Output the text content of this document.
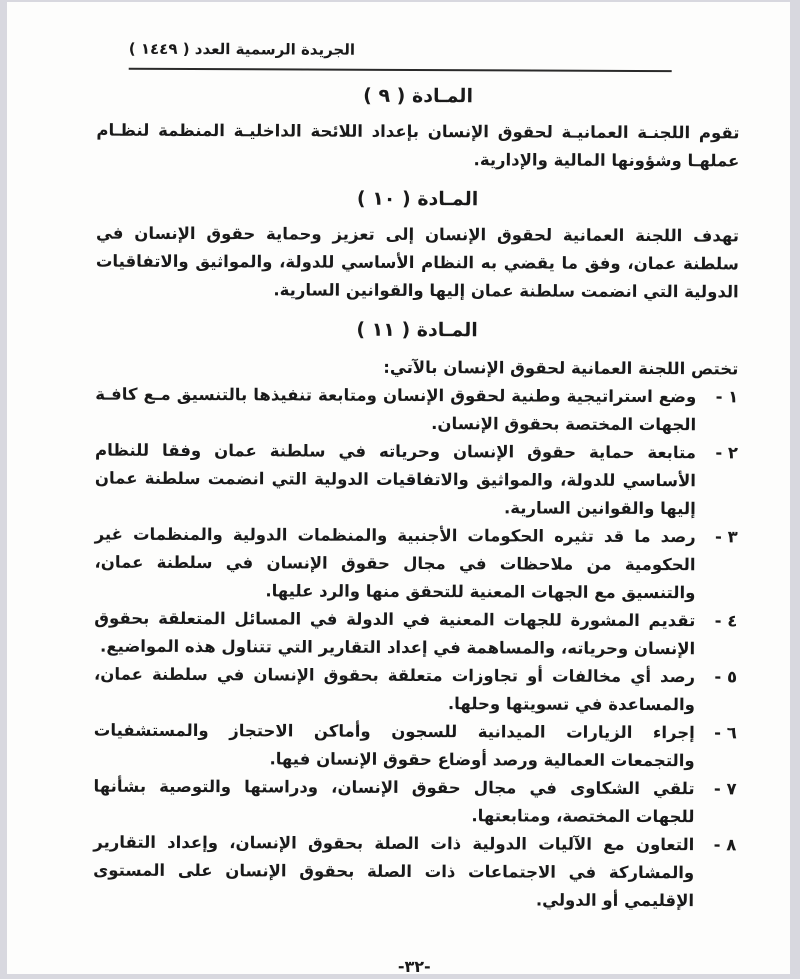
الجريدة الرسمية العدد ( ١٤٤٩ )
المـادة ( ٩ )

تقوم اللجنـة العمانيـة لحقوق الإنسان بإعداد اللائحة الداخليـة المنظمة لنظـام عملهـا وشؤونها المالية والإدارية.

المـادة ( ١٠ )

تهدف اللجنة العمانية لحقوق الإنسان إلى تعزيز وحماية حقوق الإنسان في سلطنة عمان، وفق ما يقضي به النظام الأساسي للدولة، والمواثيق والاتفاقيات الدولية التي انضمت سلطنة عمان إليها والقوانين السارية.

المـادة ( ١١ )

تختص اللجنة العمانية لحقوق الإنسان بالآتي:

١ -
وضع استراتيجية وطنية لحقوق الإنسان ومتابعة تنفيذها بالتنسيق مـع كافـة الجهات المختصة بحقوق الإنسان.
٢ -
متابعة حماية حقوق الإنسان وحرياته في سلطنة عمان وفقا للنظام الأساسي للدولة، والمواثيق والاتفاقيات الدولية التي انضمت سلطنة عمان إليها والقوانين السارية.
٣ -
رصد ما قد تثيره الحكومات الأجنبية والمنظمات الدولية والمنظمات غير الحكومية من ملاحظات في مجال حقوق الإنسان في سلطنة عمان، والتنسيق مع الجهات المعنية للتحقق منها والرد عليها.
٤ -
تقديم المشورة للجهات المعنية في الدولة في المسائل المتعلقة بحقوق الإنسان وحرياته، والمساهمة في إعداد التقارير التي تتناول هذه المواضيع.
٥ -
رصد أي مخالفات أو تجاوزات متعلقة بحقوق الإنسان في سلطنة عمان، والمساعدة في تسويتها وحلها.
٦ -
إجراء الزيارات الميدانية للسجون وأماكن الاحتجاز والمستشفيات والتجمعات العمالية ورصد أوضاع حقوق الإنسان فيها.
٧ -
تلقي الشكاوى في مجال حقوق الإنسان، ودراستها والتوصية بشأنها للجهات المختصة، ومتابعتها.
٨ -
التعاون مع الآليات الدولية ذات الصلة بحقوق الإنسان، وإعداد التقارير والمشاركة في الاجتماعات ذات الصلة بحقوق الإنسان على المستوى الإقليمي أو الدولي.
-٣٢-
